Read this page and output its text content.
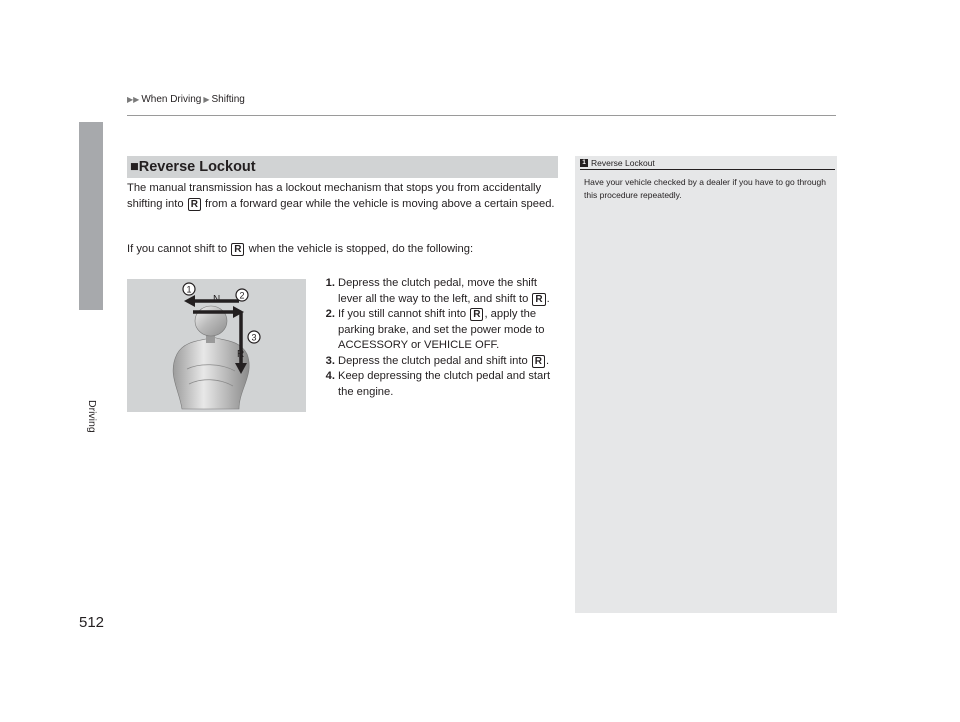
▶▶ When Driving ▶ Shifting
Driving
512
■Reverse Lockout
The manual transmission has a lockout mechanism that stops you from accidentally shifting into R from a forward gear while the vehicle is moving above a certain speed.
If you cannot shift to R when the vehicle is stopped, do the following:
N
R
1
2
3
1. Depress the clutch pedal, move the shift lever all the way to the left, and shift to R .
2. If you still cannot shift into R , apply the parking brake, and set the power mode to ACCESSORY or VEHICLE OFF.
3. Depress the clutch pedal and shift into R .
4. Keep depressing the clutch pedal and start the engine.
1 Reverse Lockout
Have your vehicle checked by a dealer if you have to go through this procedure repeatedly.
